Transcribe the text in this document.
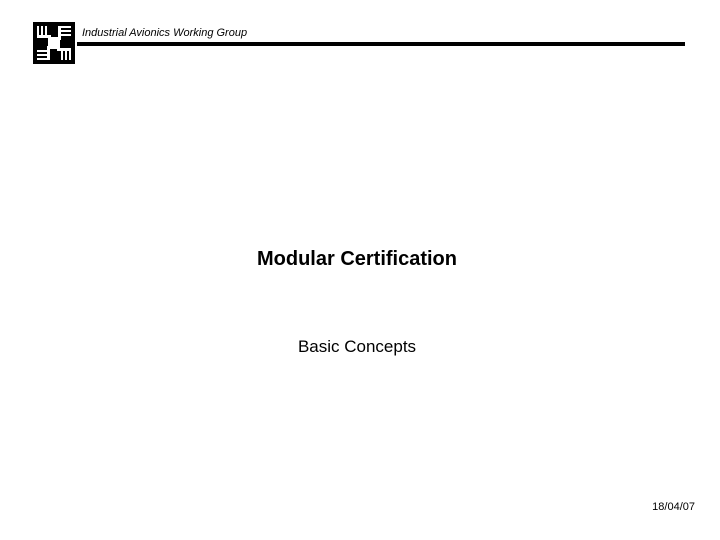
Industrial Avionics Working Group
Modular Certification
Basic Concepts
18/04/07
